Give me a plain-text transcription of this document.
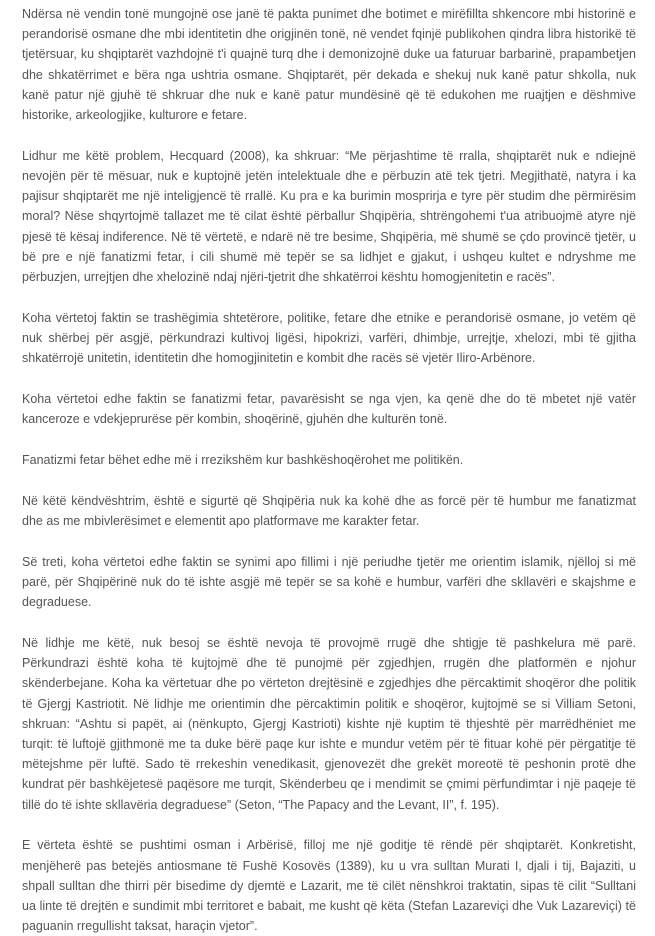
Ndërsa në vendin tonë mungojnë ose janë të pakta punimet dhe botimet e mirëfillta shkencore mbi historinë e perandorisë osmane dhe mbi identitetin dhe origjinën tonë, në vendet fqinjë publikohen qindra libra historikë të tjetërsuar, ku shqiptarët vazhdojnë t'i quajnë turq dhe i demonizojnë duke ua faturuar barbarinë, prapambetjen dhe shkatërrimet e bëra nga ushtria osmane. Shqiptarët, për dekada e shekuj nuk kanë patur shkolla, nuk kanë patur një gjuhë të shkruar dhe nuk e kanë patur mundësinë që të edukohen me ruajtjen e dëshmive historike, arkeologjike, kulturore e fetare.

Lidhur me këtë problem, Hecquard (2008), ka shkruar: “Me përjashtime të rralla, shqiptarët nuk e ndiejnë nevojën për të mësuar, nuk e kuptojnë jetën intelektuale dhe e përbuzin atë tek tjetri. Megjithatë, natyra i ka pajisur shqiptarët me një inteligjencë të rrallë. Ku pra e ka burimin mosprirja e tyre për studim dhe përmirësim moral? Nëse shqyrtojmë tallazet me të cilat është përballur Shqipëria, shtrëngohemi t'ua atribuojmë atyre një pjesë të kësaj indiference. Në të vërtetë, e ndarë në tre besime, Shqipëria, më shumë se çdo provincë tjetër, u bë pre e një fanatizmi fetar, i cili shumë më tepër se sa lidhjet e gjakut, i ushqeu kultet e ndryshme me përbuzjen, urrejtjen dhe xhelozinë ndaj njëri-tjetrit dhe shkatërroi kështu homogjenitetin e racës”.

Koha vërtetoj faktin se trashëgimia shtetërore, politike, fetare dhe etnike e perandorisë osmane, jo vetëm që nuk shërbej për asgjë, përkundrazi kultivoj ligësi, hipokrizi, varfëri, dhimbje, urrejtje, xhelozi, mbi të gjitha shkatërrojë unitetin, identitetin dhe homogjinitetin e kombit dhe racës së vjetër Iliro-Arbënore.

Koha vërtetoi edhe faktin se fanatizmi fetar, pavarësisht se nga vjen, ka qenë dhe do të mbetet një vatër kanceroze e vdekjeprurëse për kombin, shoqërinë, gjuhën dhe kulturën tonë.

Fanatizmi fetar bëhet edhe më i rrezikshëm kur bashkëshoqërohet me politikën.

Në këtë këndvështrim, është e sigurtë që Shqipëria nuk ka kohë dhe as forcë për të humbur me fanatizmat dhe as me mbivlerësimet e elementit apo platformave me karakter fetar.

Së treti, koha vërtetoi edhe faktin se synimi apo fillimi i një periudhe tjetër me orientim islamik, njëlloj si më parë, për Shqipërinë nuk do të ishte asgjë më tepër se sa kohë e humbur, varfëri dhe skllavëri e skajshme e degraduese.

Në lidhje me këtë, nuk besoj se është nevoja të provojmë rrugë dhe shtigje të pashkelura më parë. Përkundrazi është koha të kujtojmë dhe të punojmë për zgjedhjen, rrugën dhe platformën e njohur skënderbejane. Koha ka vërtetuar dhe po vërteton drejtësinë e zgjedhjes dhe përcaktimit shoqëror dhe politik të Gjergj Kastriotit. Në lidhje me orientimin dhe përcaktimin politik e shoqëror, kujtojmë se si Villiam Setoni, shkruan: “Ashtu si papët, ai (nënkupto, Gjergj Kastrioti) kishte një kuptim të thjeshtë për marrëdhëniet me turqit: të luftojë gjithmonë me ta duke bërë paqe kur ishte e mundur vetëm për të fituar kohë për përgatitje të mëtejshme për luftë. Sado të rrekeshin venedikasit, gjenovezët dhe grekët moreotë të peshonin protë dhe kundrat për bashkëjetesë paqësore me turqit, Skënderbeu qe i mendimit se çmimi përfundimtar i një paqeje të tillë do të ishte skllavëria degraduese” (Seton, “The Papacy and the Levant, II”, f. 195).

E vërteta është se pushtimi osman i Arbërisë, filloj me një goditje të rëndë për shqiptarët. Konkretisht, menjëherë pas betejës antiosmane të Fushë Kosovës (1389), ku u vra sulltan Murati I, djali i tij, Bajaziti, u shpall sulltan dhe thirri për bisedime dy djemtë e Lazarit, me të cilët nënshkroi traktatin, sipas të cilit “Sulltani ua linte të drejtën e sundimit mbi territoret e babait, me kusht që këta (Stefan Lazareviçi dhe Vuk Lazareviçi) të paguanin rregullisht taksat, haraçin vjetor”.
